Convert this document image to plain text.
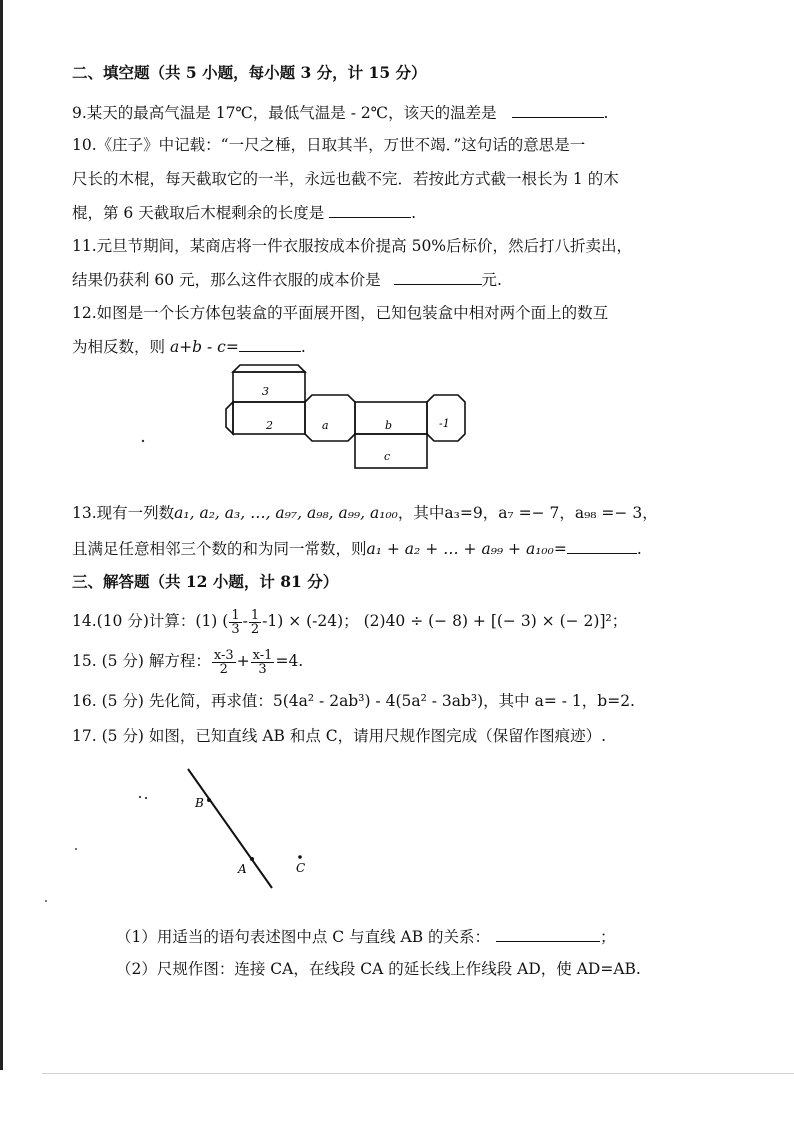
二、填空题（共 5 小题，每小题 3 分，计 15 分）
9.某天的最高气温是 17℃，最低气温是 - 2℃，该天的温差是	.
10.《庄子》中记载：“一尺之棰，日取其半，万世不竭．”这句话的意思是一
尺长的木棍，每天截取它的一半，永远也截不完．若按此方式截一根长为 1 的木
棍，第 6 天截取后木棍剩余的长度是	.
11.元旦节期间，某商店将一件衣服按成本价提高 50%后标价，然后打八折卖出，
结果仍获利 60 元，那么这件衣服的成本价是	元.
12.如图是一个长方体包装盒的平面展开图，已知包装盒中相对两个面上的数互
为相反数，则 a+b - c=	.
3
2	a	b	-1
c
B
A	C
13.现有一列数a₁, a₂, a₃, …, a₉₇, a₉₈, a₉₉, a₁₀₀，其中a₃=9，a₇ =− 7，a₉₈ =− 3，
且满足任意相邻三个数的和为同一常数，则a₁ + a₂ + … + a₉₉ + a₁₀₀=	.
三、解答题（共 12 小题，计 81 分）
14.(10 分)计算：(1) ( $\frac{1}{3} - \frac{1}{2} -1) \times (-24)$； (2)40 ÷ (− 8) + [(− 3) × (− 2)]²；
15. (5 分) 解方程： $\frac{x-3}{2} + \frac{x-1}{3} =4$.
16. (5 分) 先化简，再求值：5(4a² - 2ab³) - 4(5a² - 3ab³)，其中 a= - 1，b=2.
17. (5 分) 如图，已知直线 AB 和点 C，请用尺规作图完成（保留作图痕迹）.
（1）用适当的语句表述图中点 C 与直线 AB 的关系：	；
（2）尺规作图：连接 CA，在线段 CA 的延长线上作线段 AD，使 AD=AB.
